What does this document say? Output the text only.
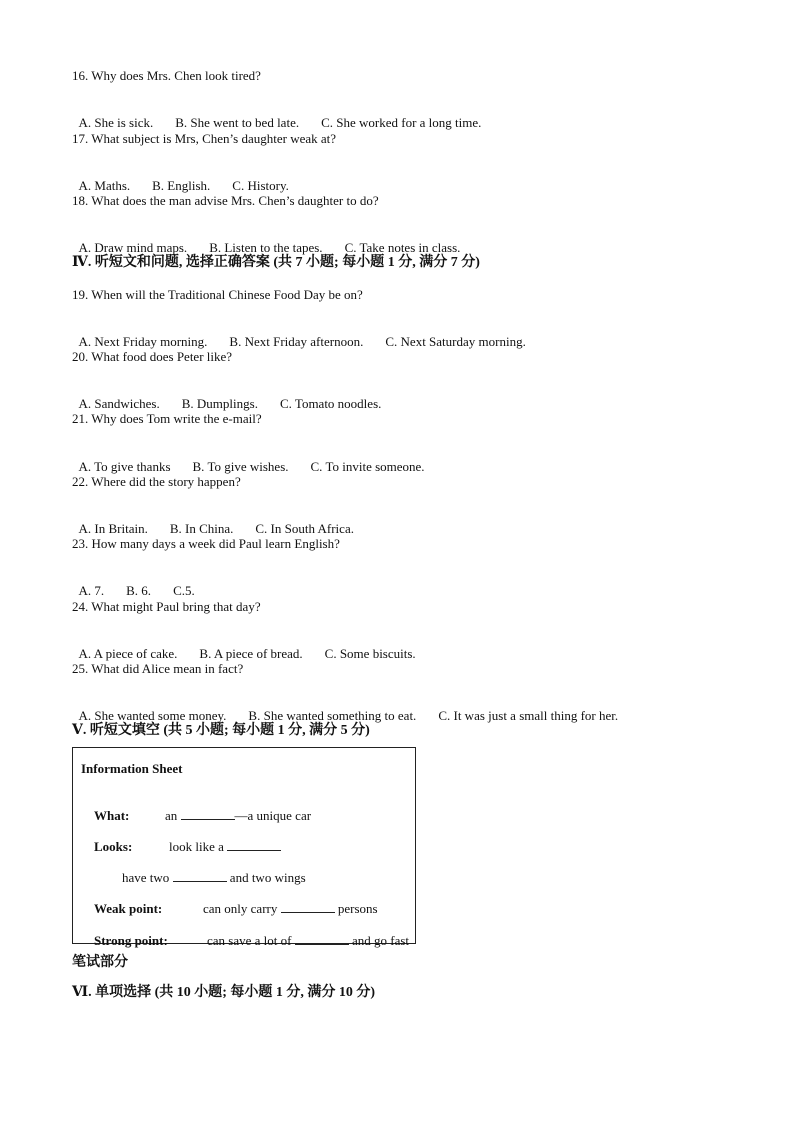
16. Why does Mrs. Chen look tired?

A. She is sick. B. She went to bed late. C. She worked for a long time.

17. What subject is Mrs, Chen’s daughter weak at?

A. Maths. B. English. C. History.

18. What does the man advise Mrs. Chen’s daughter to do?

A. Draw mind maps. B. Listen to the tapes. C. Take notes in class.

Ⅳ. 听短文和问题, 选择正确答案 (共 7 小题; 每小题 1 分, 满分 7 分)
19. When will the Traditional Chinese Food Day be on?

A. Next Friday morning. B. Next Friday afternoon. C. Next Saturday morning.

20. What food does Peter like?

A. Sandwiches. B. Dumplings. C. Tomato noodles.

21. Why does Tom write the e-mail?

A. To give thanks B. To give wishes. C. To invite someone.

22. Where did the story happen?

A. In Britain. B. In China. C. In South Africa.

23. How many days a week did Paul learn English?

A. 7. B. 6. C.5.

24. What might Paul bring that day?

A. A piece of cake. B. A piece of bread. C. Some biscuits.

25. What did Alice mean in fact?

A. She wanted some money. B. She wanted something to eat. C. It was just a small thing for her.

Ⅴ. 听短文填空 (共 5 小题; 每小题 1 分, 满分 5 分)
Information Sheet

What:
	an	—a unique car

Looks:
	look like a

have two	and two wings

Weak point:
	can only carry	persons

Strong point:
	can save a lot of	and go fast

笔试部分
Ⅵ. 单项选择 (共 10 小题; 每小题 1 分, 满分 10 分)
